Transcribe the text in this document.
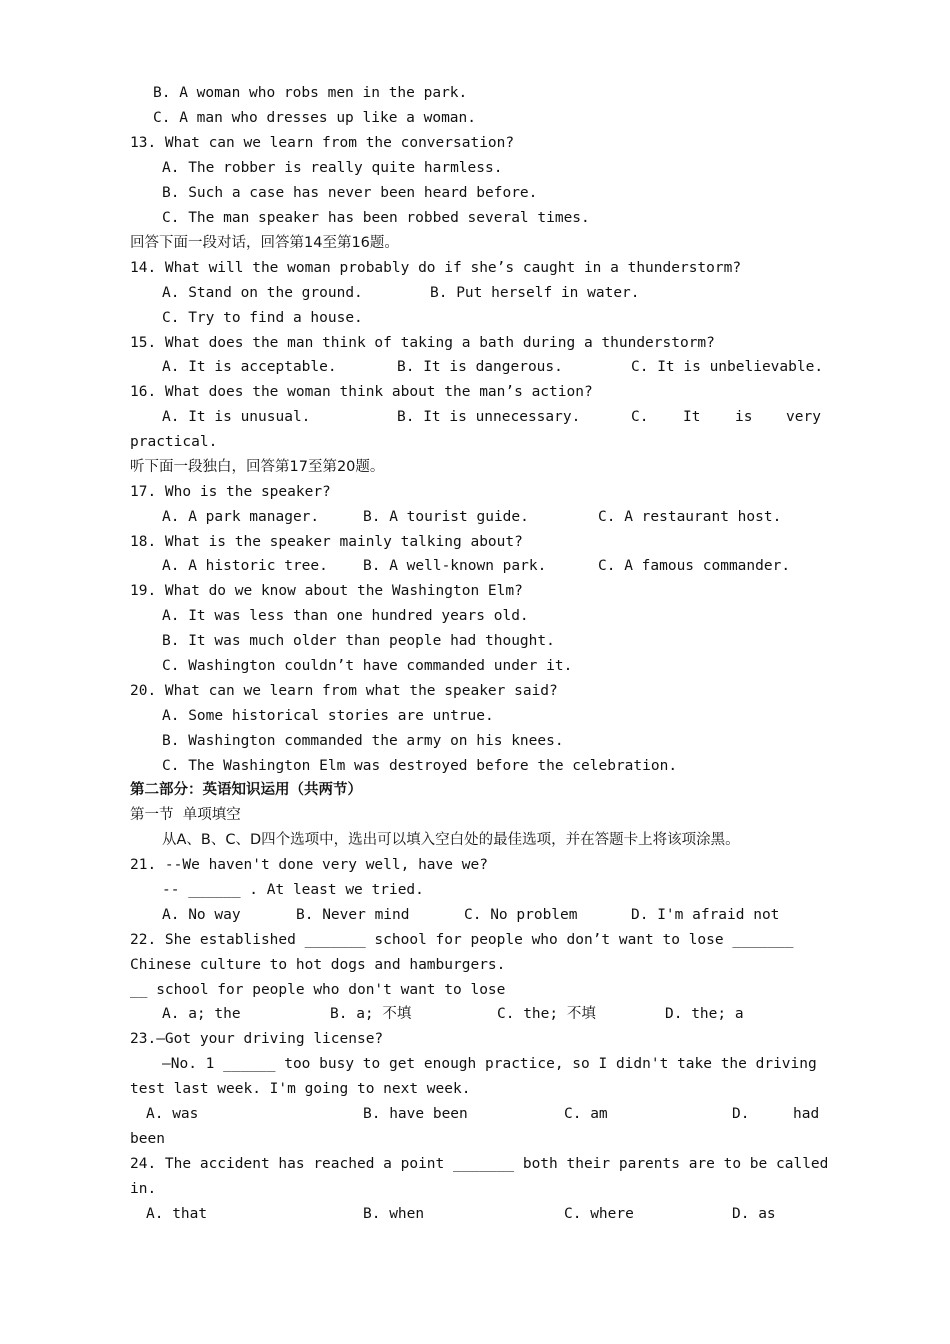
B. A woman who robs men in the park.
C. A man who dresses up like a woman.
13. What can we learn from the conversation?
A. The robber is really quite harmless.
B. Such a case has never been heard before.
C. The man speaker has been robbed several times.
回答下面一段对话，回答第14至第16题。
14. What will the woman probably do if she’s caught in a thunderstorm?
A. Stand on the ground.	B. Put herself in water.
C. Try to find a house.
15. What does the man think of taking a bath during a thunderstorm?
A. It is acceptable.	B. It is dangerous.	C. It is unbelievable.
16. What does the woman think about the man’s action?
A. It is unusual.	B. It is unnecessary.	C. It is very
practical.
听下面一段独白，回答第17至第20题。
17. Who is the speaker?
A. A park manager.	B. A tourist guide.	C. A restaurant host.
18. What is the speaker mainly talking about?
A. A historic tree. B. A well-known park.	C. A famous commander.
19. What do we know about the Washington Elm?
A. It was less than one hundred years old.
B. It was much older than people had thought.
C. Washington couldn’t have commanded under it.
20. What can we learn from what the speaker said?
A. Some historical stories are untrue.
B. Washington commanded the army on his knees.
C. The Washington Elm was destroyed before the celebration.
第二部分：英语知识运用（共两节）
第一节  单项填空
从A、B、C、D四个选项中，选出可以填入空白处的最佳选项，并在答题卡上将该项涂黑。
21. --We haven't done very well, have we?
-- ______ . At least we tried.
A. No way	B. Never mind	C. No problem	D. I'm afraid not
22. She established _______ school for people who don’t want to lose _______
Chinese culture to hot dogs and hamburgers.
__ school for people who don't want to lose
A. a; the	B. a; 不填	C. the; 不填	D. the; a
23.—Got your driving license?
—No. 1 ______ too busy to get enough practice, so I didn't take the driving
test last week. I'm going to next week.
A. was	B. have been	C. am	D.	had
been
24. The accident has reached a point _______ both their parents are to be called
in.
A. that	B. when	C. where	D. as
